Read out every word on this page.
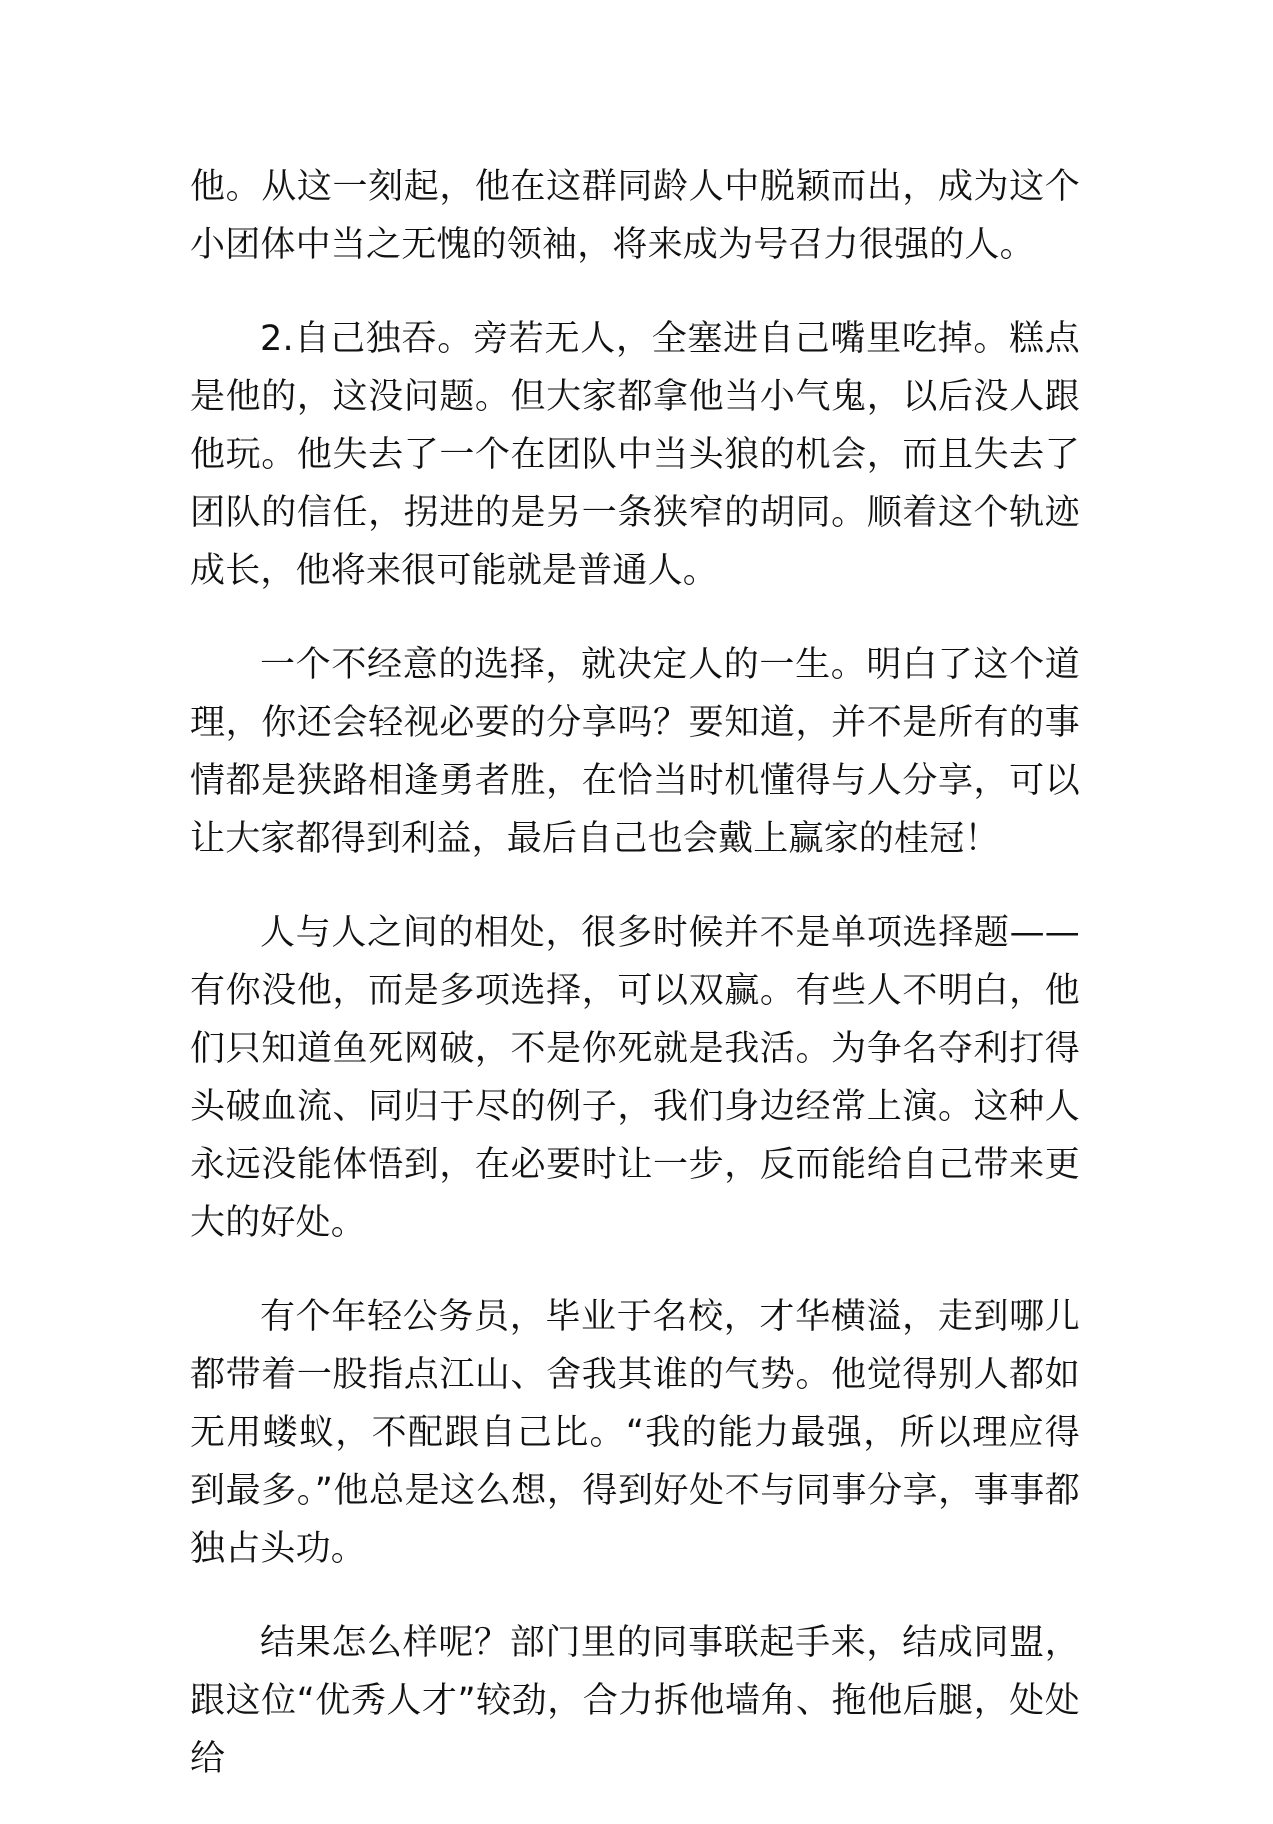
他。从这一刻起，他在这群同龄人中脱颖而出，成为这个小团体中当之无愧的领袖，将来成为号召力很强的人。

2.自己独吞。旁若无人，全塞进自己嘴里吃掉。糕点是他的，这没问题。但大家都拿他当小气鬼，以后没人跟他玩。他失去了一个在团队中当头狼的机会，而且失去了团队的信任，拐进的是另一条狭窄的胡同。顺着这个轨迹成长，他将来很可能就是普通人。

一个不经意的选择，就决定人的一生。明白了这个道理，你还会轻视必要的分享吗？要知道，并不是所有的事情都是狭路相逢勇者胜，在恰当时机懂得与人分享，可以让大家都得到利益，最后自己也会戴上赢家的桂冠！

人与人之间的相处，很多时候并不是单项选择题——有你没他，而是多项选择，可以双赢。有些人不明白，他们只知道鱼死网破，不是你死就是我活。为争名夺利打得头破血流、同归于尽的例子，我们身边经常上演。这种人永远没能体悟到，在必要时让一步，反而能给自己带来更大的好处。

有个年轻公务员，毕业于名校，才华横溢，走到哪儿都带着一股指点江山、舍我其谁的气势。他觉得别人都如无用蝼蚁，不配跟自己比。“我的能力最强，所以理应得到最多。”他总是这么想，得到好处不与同事分享，事事都独占头功。

结果怎么样呢？部门里的同事联起手来，结成同盟，跟这位“优秀人才”较劲，合力拆他墙角、拖他后腿，处处给
